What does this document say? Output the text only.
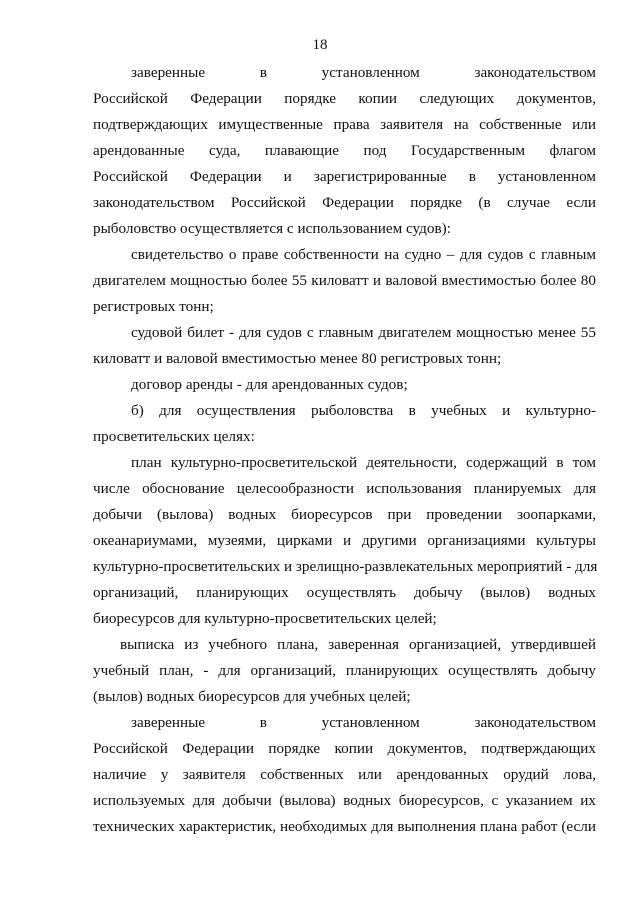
18
заверенные в установленном законодательством
Российской Федерации порядке копии следующих документов,
подтверждающих имущественные права заявителя на собственные или
арендованные суда, плавающие под Государственным флагом
Российской Федерации и зарегистрированные в установленном
законодательством Российской Федерации порядке (в случае если
рыболовство осуществляется с использованием судов):
свидетельство о праве собственности на судно – для судов с главным
двигателем мощностью более 55 киловатт и валовой вместимостью более 80
регистровых тонн;
судовой билет - для судов с главным двигателем мощностью менее 55
киловатт и валовой вместимостью менее 80 регистровых тонн;
договор аренды - для арендованных судов;
б) для осуществления рыболовства в учебных и культурно-
просветительских целях:
план культурно-просветительской деятельности, содержащий в том
числе обоснование целесообразности использования планируемых для
добычи (вылова) водных биоресурсов при проведении зоопарками,
океанариумами, музеями, цирками и другими организациями культуры
культурно-просветительских и зрелищно-развлекательных мероприятий - для
организаций, планирующих осуществлять добычу (вылов) водных
биоресурсов для культурно-просветительских целей;
выписка из учебного плана, заверенная организацией, утвердившей
учебный план, - для организаций, планирующих осуществлять добычу
(вылов) водных биоресурсов для учебных целей;
заверенные в установленном законодательством
Российской Федерации порядке копии документов, подтверждающих
наличие у заявителя собственных или арендованных орудий лова,
используемых для добычи (вылова) водных биоресурсов, с указанием их
технических характеристик, необходимых для выполнения плана работ (если
